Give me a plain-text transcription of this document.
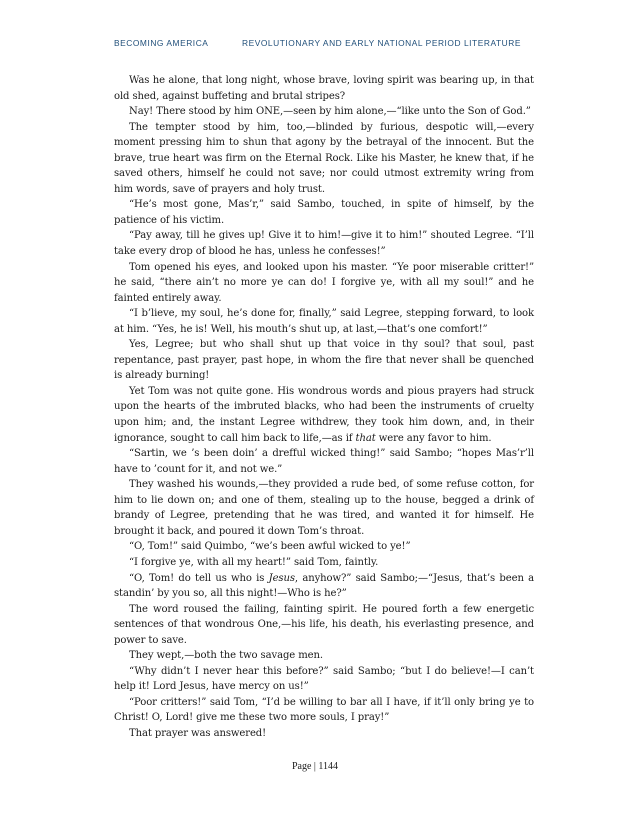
BECOMING AMERICA	REVOLUTIONARY AND EARLY NATIONAL PERIOD LITERATURE

Was he alone, that long night, whose brave, loving spirit was bearing up, in that old shed, against buffeting and brutal stripes?

Nay! There stood by him ONE,—seen by him alone,—“like unto the Son of God.”

The tempter stood by him, too,—blinded by furious, despotic will,—every moment pressing him to shun that agony by the betrayal of the innocent. But the brave, true heart was firm on the Eternal Rock. Like his Master, he knew that, if he saved others, himself he could not save; nor could utmost extremity wring from him words, save of prayers and holy trust.

“He’s most gone, Mas’r,” said Sambo, touched, in spite of himself, by the patience of his victim.

“Pay away, till he gives up! Give it to him!—give it to him!” shouted Legree. “I’ll take every drop of blood he has, unless he confesses!”

Tom opened his eyes, and looked upon his master. “Ye poor miserable critter!” he said, “there ain’t no more ye can do! I forgive ye, with all my soul!” and he fainted entirely away.

“I b’lieve, my soul, he’s done for, finally,” said Legree, stepping forward, to look at him. “Yes, he is! Well, his mouth’s shut up, at last,—that’s one comfort!”

Yes, Legree; but who shall shut up that voice in thy soul? that soul, past repentance, past prayer, past hope, in whom the fire that never shall be quenched is already burning!

Yet Tom was not quite gone. His wondrous words and pious prayers had struck upon the hearts of the imbruted blacks, who had been the instruments of cruelty upon him; and, the instant Legree withdrew, they took him down, and, in their ignorance, sought to call him back to life,—as if that were any favor to him.

“Sartin, we ’s been doin’ a drefful wicked thing!” said Sambo; “hopes Mas’r’ll have to ’count for it, and not we.”

They washed his wounds,—they provided a rude bed, of some refuse cotton, for him to lie down on; and one of them, stealing up to the house, begged a drink of brandy of Legree, pretending that he was tired, and wanted it for himself. He brought it back, and poured it down Tom’s throat.

“O, Tom!” said Quimbo, “we’s been awful wicked to ye!”

“I forgive ye, with all my heart!” said Tom, faintly.

“O, Tom! do tell us who is Jesus, anyhow?” said Sambo;—“Jesus, that’s been a standin’ by you so, all this night!—Who is he?”

The word roused the failing, fainting spirit. He poured forth a few energetic sentences of that wondrous One,—his life, his death, his everlasting presence, and power to save.

They wept,—both the two savage men.

“Why didn’t I never hear this before?” said Sambo; “but I do believe!—I can’t help it! Lord Jesus, have mercy on us!”

“Poor critters!” said Tom, “I’d be willing to bar all I have, if it’ll only bring ye to Christ! O, Lord! give me these two more souls, I pray!”

That prayer was answered!

Page | 1144
